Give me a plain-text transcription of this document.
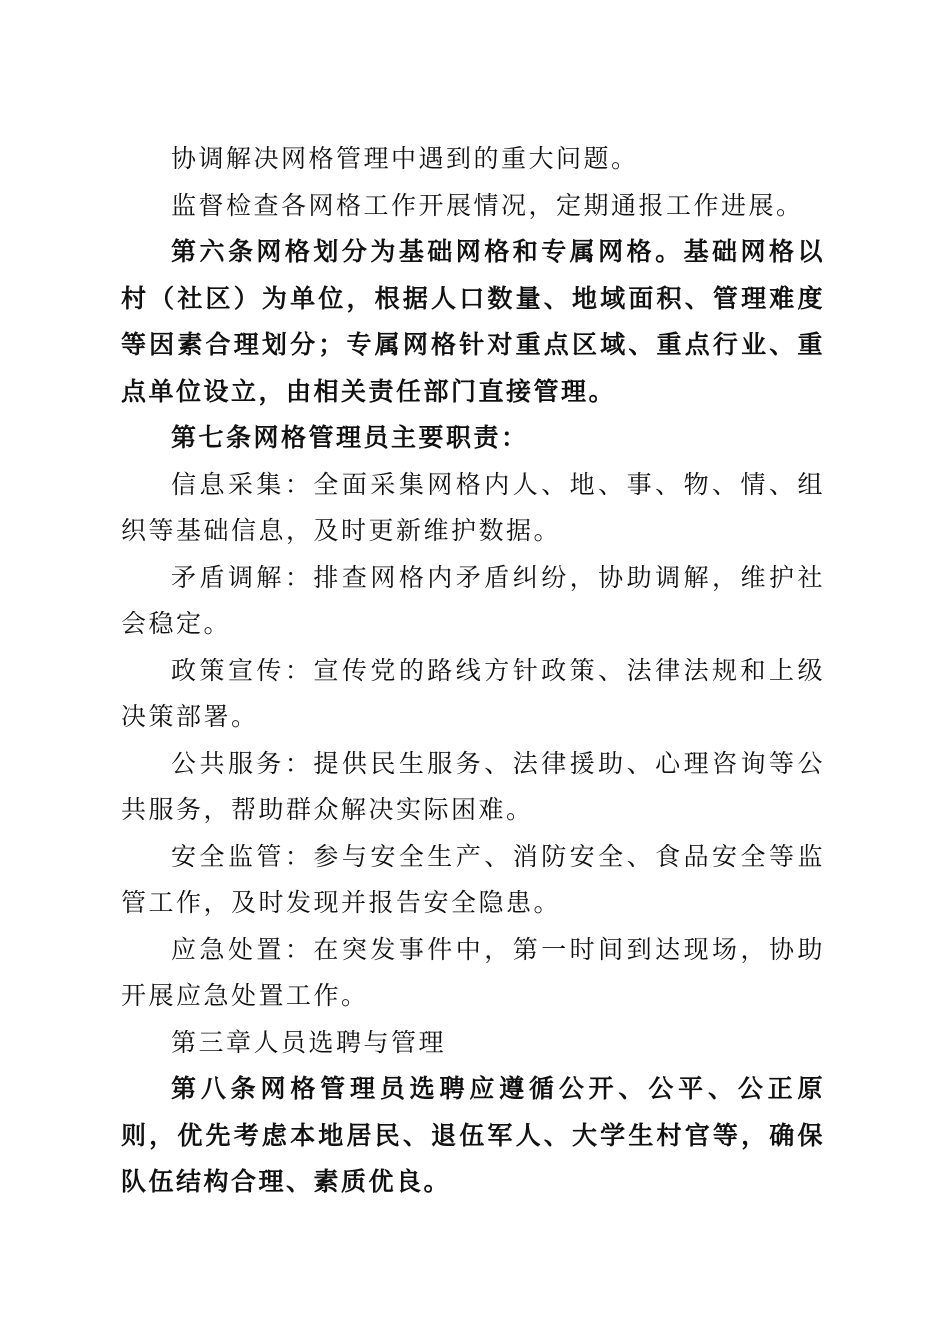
协调解决网格管理中遇到的重大问题。

监督检查各网格工作开展情况，定期通报工作进展。

第六条网格划分为基础网格和专属网格。基础网格以村（社区）为单位，根据人口数量、地域面积、管理难度等因素合理划分；专属网格针对重点区域、重点行业、重点单位设立，由相关责任部门直接管理。

第七条网格管理员主要职责：

信息采集：全面采集网格内人、地、事、物、情、组织等基础信息，及时更新维护数据。

矛盾调解：排查网格内矛盾纠纷，协助调解，维护社会稳定。

政策宣传：宣传党的路线方针政策、法律法规和上级决策部署。

公共服务：提供民生服务、法律援助、心理咨询等公共服务，帮助群众解决实际困难。

安全监管：参与安全生产、消防安全、食品安全等监管工作，及时发现并报告安全隐患。

应急处置：在突发事件中，第一时间到达现场，协助开展应急处置工作。

第三章人员选聘与管理

第八条网格管理员选聘应遵循公开、公平、公正原则，优先考虑本地居民、退伍军人、大学生村官等，确保队伍结构合理、素质优良。
